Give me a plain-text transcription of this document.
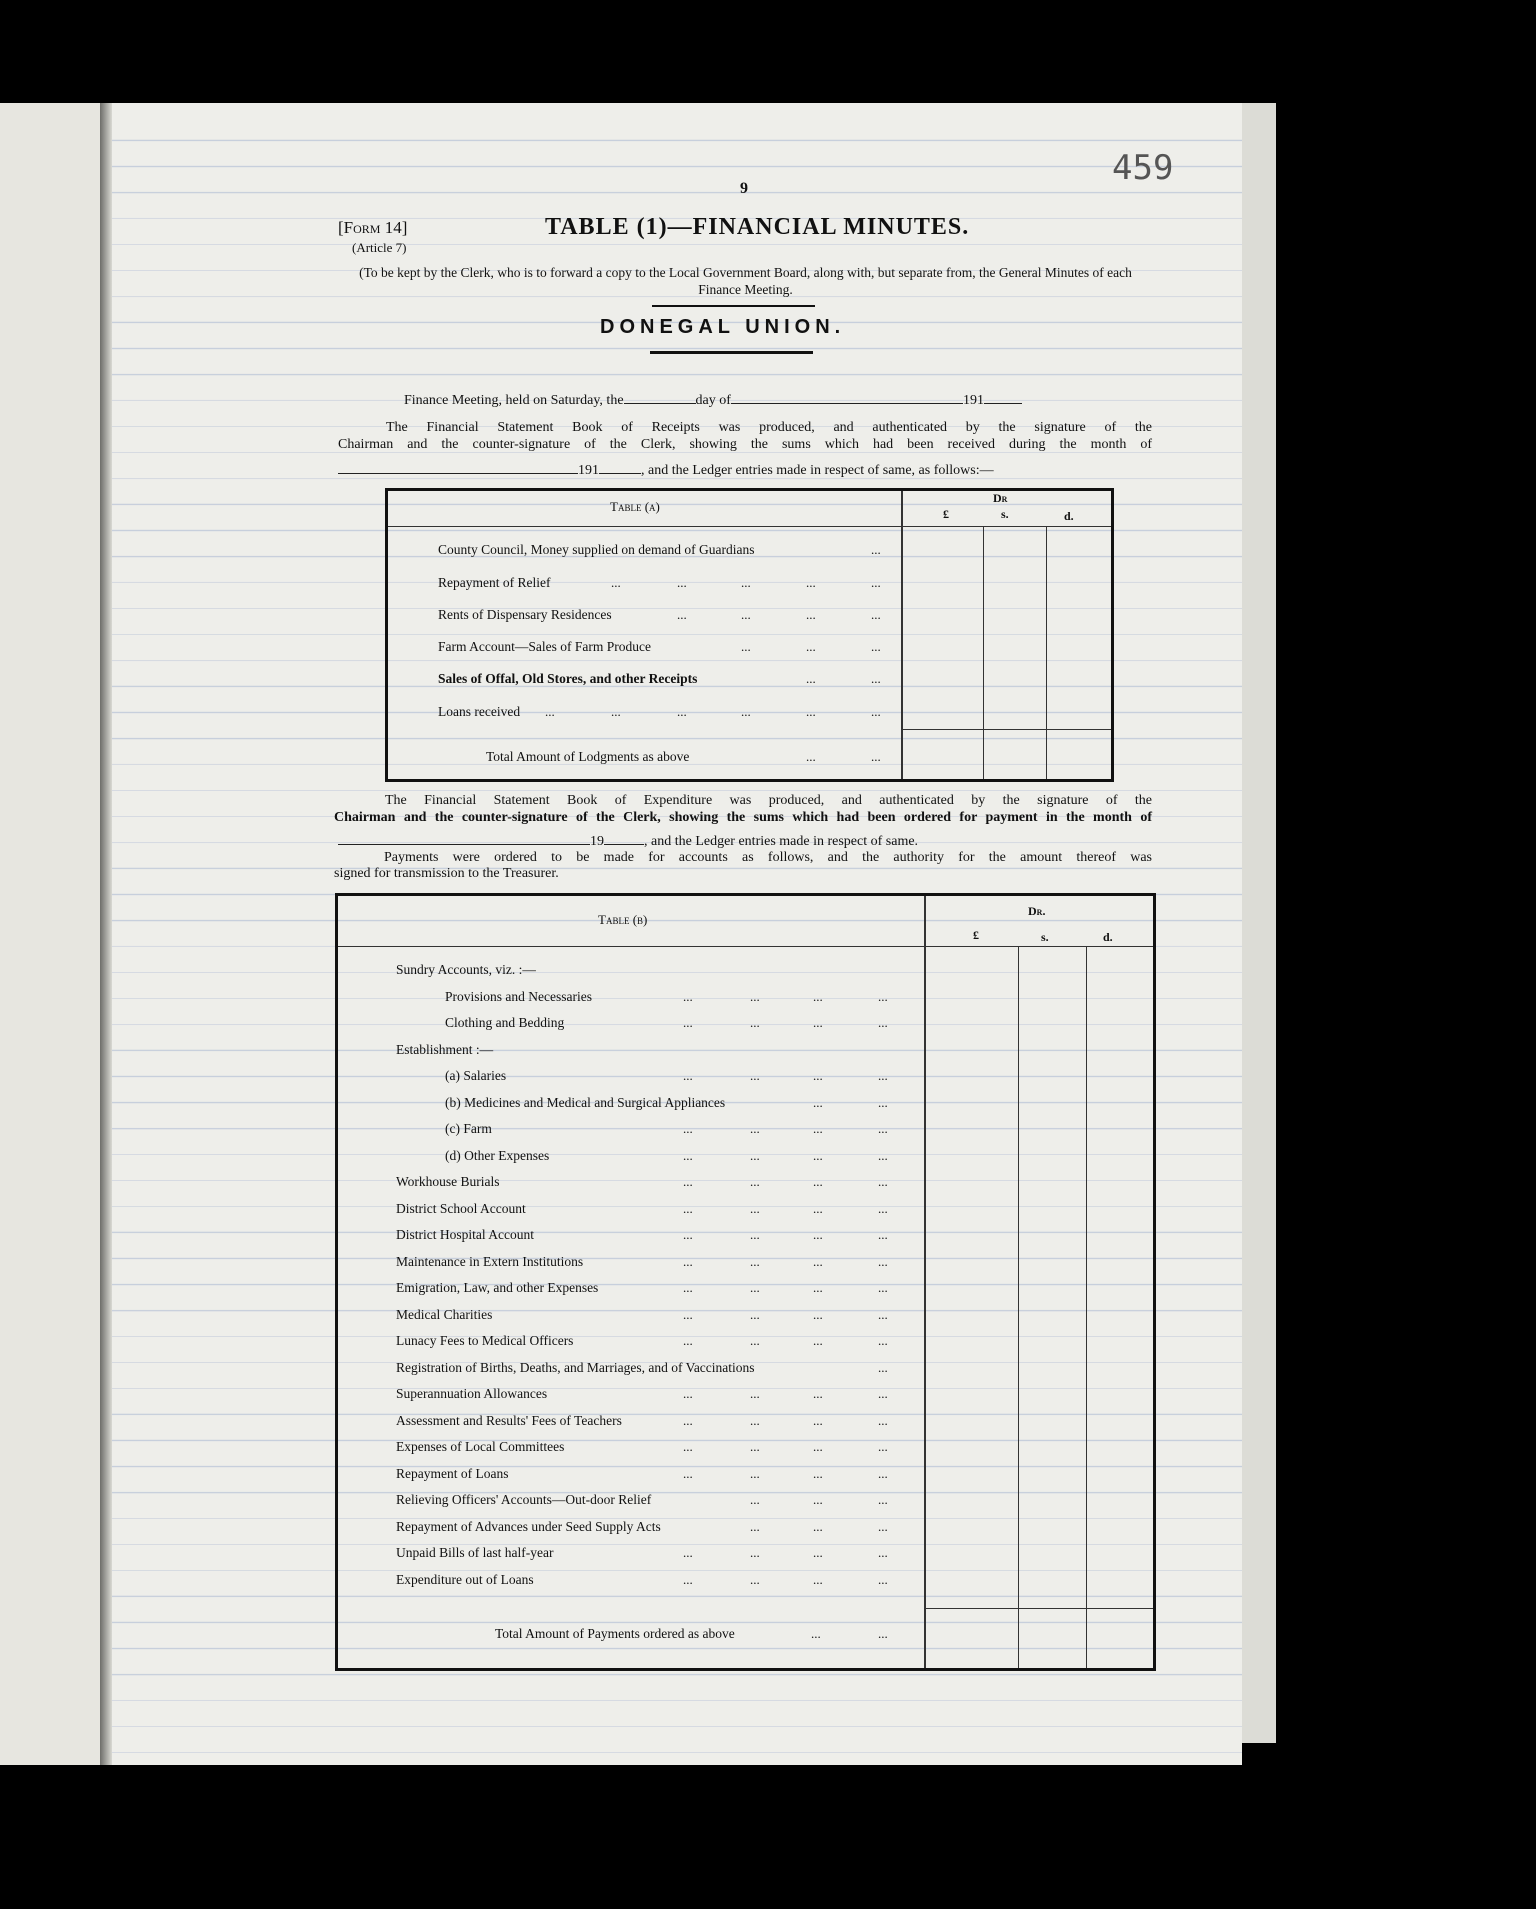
459
9
[Form 14]
(Article 7)
TABLE (1)—FINANCIAL MINUTES.
(To be kept by the Clerk, who is to forward a copy to the Local Government Board, along with, but separate from, the General Minutes of each Finance Meeting.
DONEGAL UNION.
Finance Meeting, held on Saturday, the	day of	191
The Financial Statement Book of Receipts was produced, and authenticated by the signature of the
Chairman and the counter-signature of the Clerk, showing the sums which had been received during the month of
191	, and the Ledger entries made in respect of same, as follows:—
Table (a)
Dr
£	s.	d.
County Council, Money supplied on demand of Guardians	...
Repayment of Relief	...	...	...	...	...
Rents of Dispensary Residences	...	...	...	...
Farm Account—Sales of Farm Produce	...	...	...
Sales of Offal, Old Stores, and other Receipts	...	...
Loans received ...	...	...	...	...	...
Total Amount of Lodgments as above	...	...
The Financial Statement Book of Expenditure was produced, and authenticated by the signature of the
Chairman and the counter-signature of the Clerk, showing the sums which had been ordered for payment in the month of
19	, and the Ledger entries made in respect of same.
Payments were ordered to be made for accounts as follows, and the authority for the amount thereof was
signed for transmission to the Treasurer.
Table (b)
Dr.
£	s.	d.
Sundry Accounts, viz. :—
Provisions and Necessaries	...	...	...	...
Clothing and Bedding	...	...	...	...
Establishment :—
(a) Salaries	...	...	...	...
(b) Medicines and Medical and Surgical Appliances	...	...
(c) Farm	...	...	...	...
(d) Other Expenses	...	...	...	...
Workhouse Burials	...	...	...	...
District School Account	...	...	...	...
District Hospital Account	...	...	...	...
Maintenance in Extern Institutions	...	...	...	...
Emigration, Law, and other Expenses	...	...	...	...
Medical Charities	...	...	...	...
Lunacy Fees to Medical Officers	...	...	...	...
Registration of Births, Deaths, and Marriages, and of Vaccinations	...
Superannuation Allowances	...	...	...	...
Assessment and Results' Fees of Teachers	...	...	...	...
Expenses of Local Committees	...	...	...	...
Repayment of Loans	...	...	...	...
Relieving Officers' Accounts—Out-door Relief	...	...	...
Repayment of Advances under Seed Supply Acts	...	...	...
Unpaid Bills of last half-year	...	...	...	...
Expenditure out of Loans	...	...	...	...
Total Amount of Payments ordered as above	...	...
